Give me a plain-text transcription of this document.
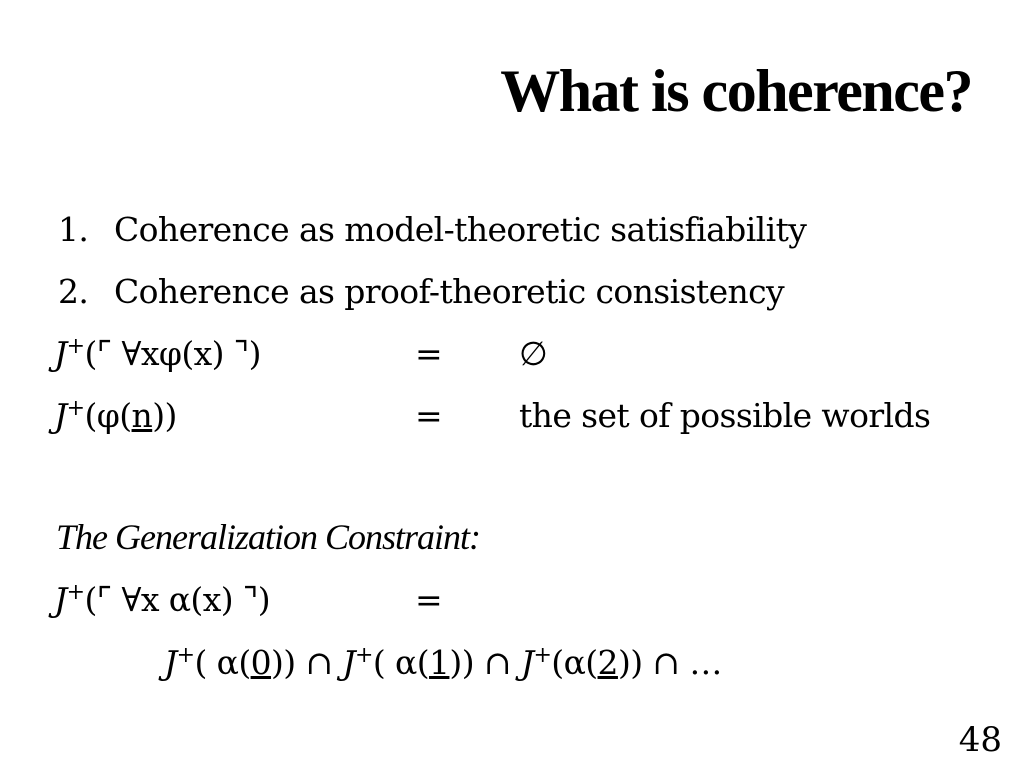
What is coherence?
1. Coherence as model-theoretic satisfiability
2. Coherence as proof-theoretic consistency
J+(⌜ ∀xφ(x) ⌝)	= ∅
J+(φ(n))	= the set of possible worlds
The Generalization Constraint:
J+(⌜ ∀x α(x) ⌝)	=
J+( α(0)) ∩ J+( α(1)) ∩ J+(α(2)) ∩ …
48
